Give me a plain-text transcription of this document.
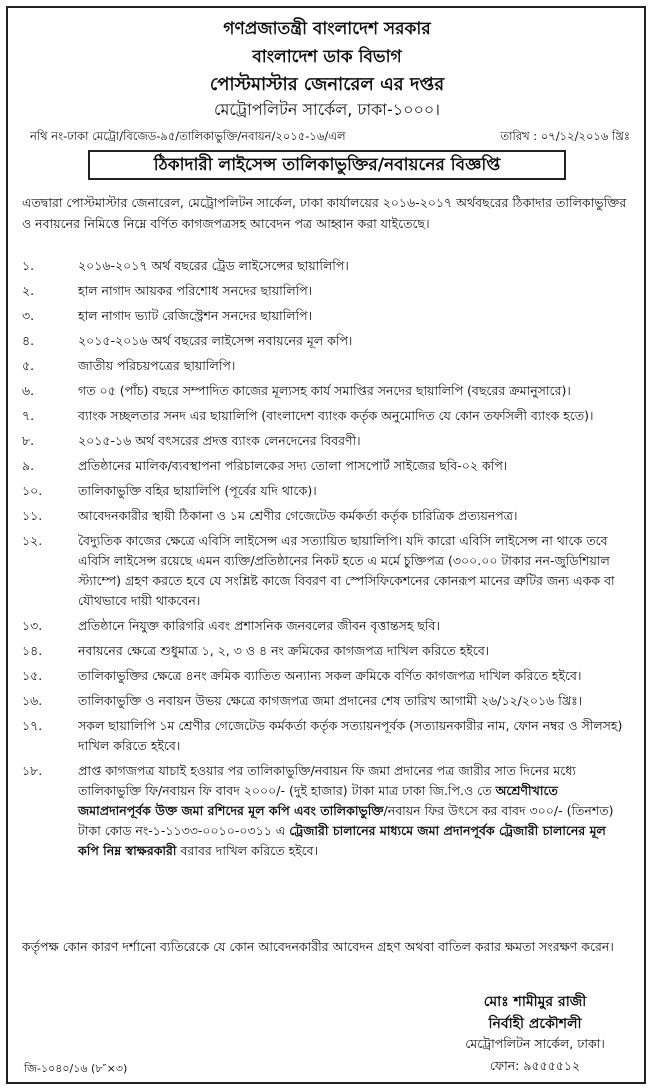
গণপ্রজাতন্ত্রী বাংলাদেশ সরকার
বাংলাদেশ ডাক বিভাগ
পোস্টমাস্টার জেনারেল এর দপ্তর
মেট্রোপলিটন সার্কেল, ঢাকা-১০০০।
নথি নং-ঢাকা মেট্রো/বিজেড-৯৫/তালিকাভুক্তি/নবায়ন/২০১৫-১৬/এল	তারিখ : ০৭/১২/২০১৬ খ্রিঃ
ঠিকাদারী লাইসেন্স তালিকাভুক্তির/নবায়নের বিজ্ঞপ্তি
এতদ্বারা পোস্টমাস্টার জেনারেল, মেট্রোপলিটন সার্কেল, ঢাকা কার্যালয়ের ২০১৬-২০১৭ অর্থবছরের ঠিকাদার তালিকাভুক্তির ও নবায়নের নিমিত্তে নিম্নে বর্ণিত কাগজপত্রসহ আবেদন পত্র আহ্বান করা যাইতেছে।
১.	২০১৬-২০১৭ অর্থ বছরের ট্রেড লাইসেন্সের ছায়ালিপি।
২.	হাল নাগাদ আয়কর পরিশোধ সনদের ছায়ালিপি।
৩.	হাল নাগাদ ভ্যাট রেজিস্ট্রেশন সনদের ছায়ালিপি।
৪.	২০১৫-২০১৬ অর্থ বছরের লাইসেন্স নবায়নের মূল কপি।
৫.	জাতীয় পরিচয়পত্রের ছায়ালিপি।
৬.	গত ০৫ (পাঁচ) বছরে সম্পাদিত কাজের মূল্যসহ কার্য সমাপ্তির সনদের ছায়ালিপি (বছরের ক্রমানুসারে)।
৭.	ব্যাংক সচ্ছলতার সনদ এর ছায়ালিপি (বাংলাদেশ ব্যাংক কর্তৃক অনুমোদিত যে কোন তফসিলী ব্যাংক হতে)।
৮.	২০১৫-১৬ অর্থ বৎসরের প্রদত্ত ব্যাংক লেনদেনের বিবরণী।
৯.	প্রতিষ্ঠানের মালিক/ব্যবস্থাপনা পরিচালকের সদ্য তোলা পাসপোর্ট সাইজের ছবি-০২ কপি।
১০.	তালিকাভুক্তি বহির ছায়ালিপি (পূর্বের যদি থাকে)।
১১.	আবেদনকারীর স্থায়ী ঠিকানা ও ১ম শ্রেণীর গেজেটেড কর্মকর্তা কর্তৃক চারিত্রিক প্রত্যয়নপত্র।
১২.	বৈদ্যুতিক কাজের ক্ষেত্রে এবিসি লাইসেন্স এর সত্যায়িত ছায়ালিপি। যদি কারো এবিসি লাইসেন্স না থাকে তবে এবিসি লাইসেন্স রয়েছে এমন ব্যক্তি/প্রতিষ্ঠানের নিকট হতে এ মর্মে চুক্তিপত্র (৩০০.০০ টাকার নন-জুডিশিয়াল স্ট্যাম্পে) গ্রহণ করতে হবে যে সংশ্লিষ্ট কাজে বিবরণ বা স্পেসিফিকেশনের কোনরূপ মানের ত্রুটির জন্য একক বা যৌথভাবে দায়ী থাকবেন।
১৩.	প্রতিষ্ঠানে নিযুক্ত কারিগরি এবং প্রশাসনিক জনবলের জীবন বৃত্তান্তসহ ছবি।
১৪.	নবায়নের ক্ষেত্রে শুধুমাত্র ১, ২, ৩ ও ৪ নং ক্রমিকের কাগজপত্র দাখিল করিতে হইবে।
১৫.	তালিকাভুক্তির ক্ষেত্রে ৪নং ক্রমিক ব্যাতিত অন্যান্য সকল ক্রমিকে বর্ণিত কাগজপত্র দাখিল করিতে হইবে।
১৬.	তালিকাভুক্তি ও নবায়ন উভয় ক্ষেত্রে কাগজপত্র জমা প্রদানের শেষ তারিখ আগামী ২৬/১২/২০১৬ খ্রিঃ।
১৭.	সকল ছায়ালিপি ১ম শ্রেণীর গেজেটেড কর্মকর্তা কর্তৃক সত্যায়নপূর্বক (সত্যায়নকারীর নাম, ফোন নম্বর ও সীলসহ) দাখিল করিতে হইবে।
১৮.	প্রাপ্ত কাগজপত্র যাচাই হওয়ার পর তালিকাভুক্তি/নবায়ন ফি জমা প্রদানের পত্র জারীর সাত দিনের মধ্যে তালিকাভুক্তি ফি/নবায়ন ফি বাবদ ২০০০/- (দুই হাজার) টাকা মাত্র ঢাকা জি.পি.ও তে অশ্রেণীখাতে জমাপ্রদানপূর্বক উক্ত জমা রশিদের মূল কপি এবং তালিকাভুক্তি/নবায়ন ফির উৎসে কর বাবদ ৩০০/- (তিনশত) টাকা কোড নং-১-১১৩৩-০০১০-০৩১১ এ ট্রেজারী চালানের মাধ্যমে জমা প্রদানপূর্বক ট্রেজারী চালানের মূল কপি নিম্ন স্বাক্ষরকারী বরাবর দাখিল করিতে হইবে।
কর্তৃপক্ষ কোন কারণ দর্শানো ব্যতিরেকে যে কোন আবেদনকারীর আবেদন গ্রহণ অথবা বাতিল করার ক্ষমতা সংরক্ষণ করেন।
মোঃ শামীমুর রাজী
নির্বাহী প্রকৌশলী
মেট্রোপলিটন সার্কেল, ঢাকা।
ফোন: ৯৫৫৫৫১২
জি-১০৪০/১৬ (৮″×৩)
